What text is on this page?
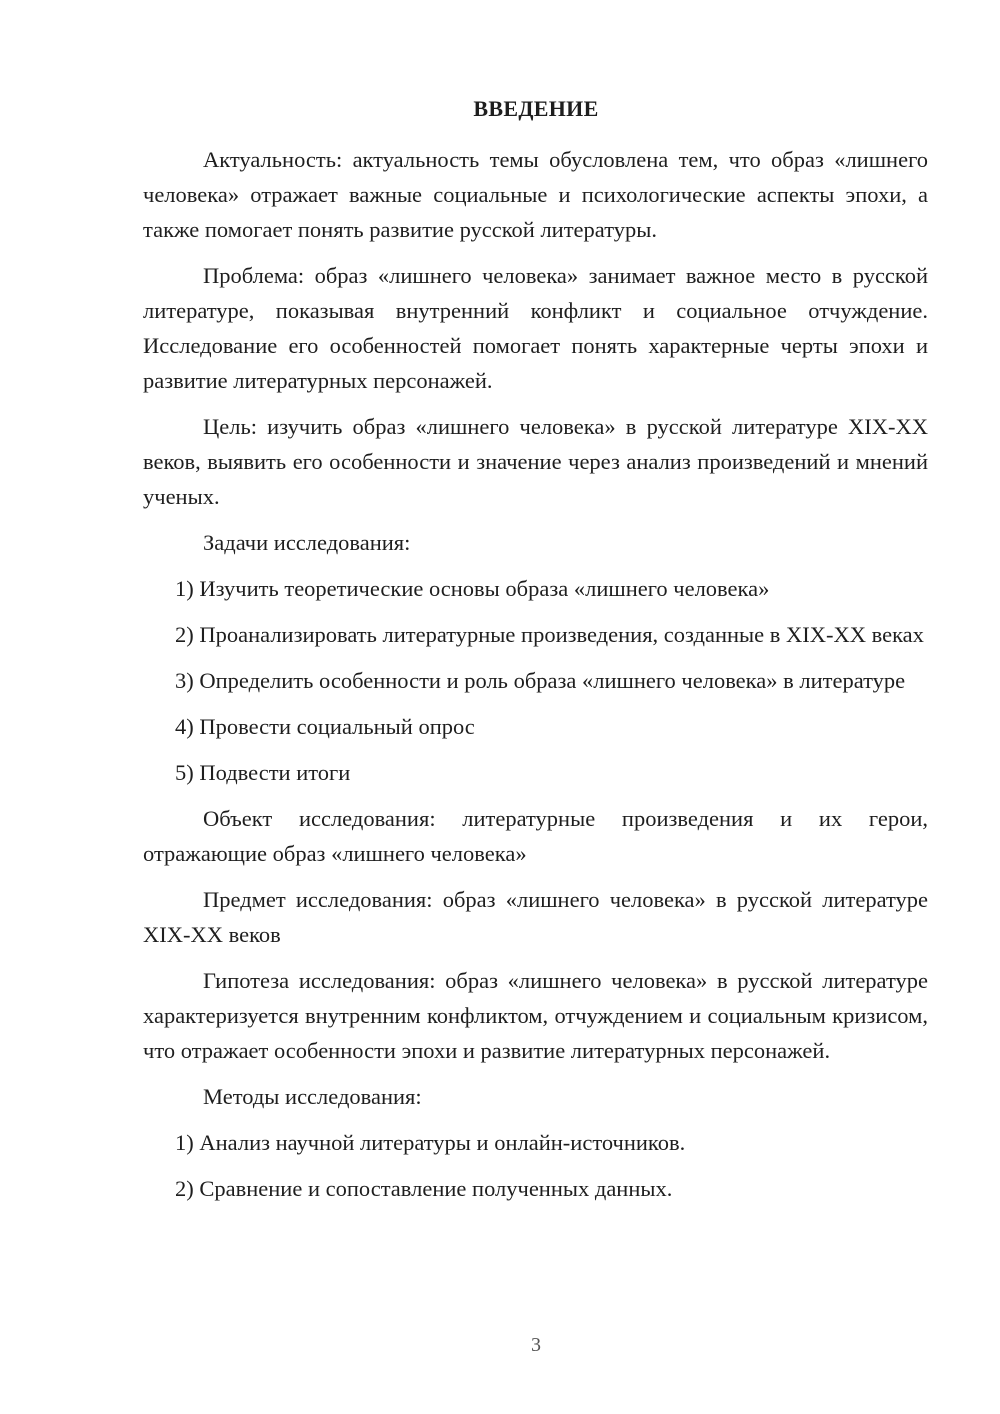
ВВЕДЕНИЕ

Актуальность: актуальность темы обусловлена тем, что образ «лишнего человека» отражает важные социальные и психологические аспекты эпохи, а также помогает понять развитие русской литературы.

Проблема: образ «лишнего человека» занимает важное место в русской литературе, показывая внутренний конфликт и социальное отчуждение. Исследование его особенностей помогает понять характерные черты эпохи и развитие литературных персонажей.

Цель: изучить образ «лишнего человека» в русской литературе XIX-XX веков, выявить его особенности и значение через анализ произведений и мнений ученых.

Задачи исследования:

1) Изучить теоретические основы образа «лишнего человека»

2) Проанализировать литературные произведения, созданные в XIX-XX веках

3) Определить особенности и роль образа «лишнего человека» в литературе

4) Провести социальный опрос

5) Подвести итоги

Объект исследования: литературные произведения и их герои, отражающие образ «лишнего человека»

Предмет исследования: образ «лишнего человека» в русской литературе XIX-XX веков

Гипотеза исследования: образ «лишнего человека» в русской литературе характеризуется внутренним конфликтом, отчуждением и социальным кризисом, что отражает особенности эпохи и развитие литературных персонажей.

Методы исследования:

1) Анализ научной литературы и онлайн-источников.

2) Сравнение и сопоставление полученных данных.

3
